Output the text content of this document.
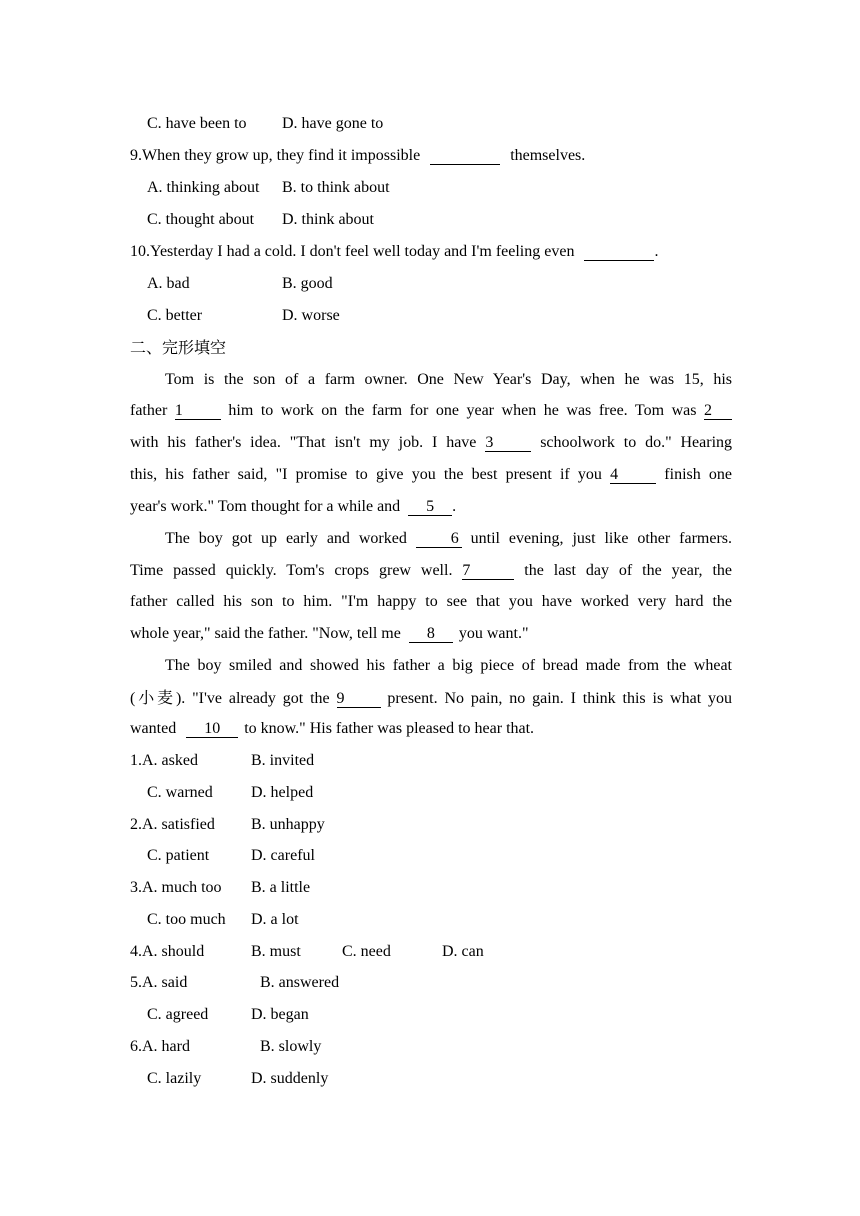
C. have been to D. have gone to
9.When they grow up, they find it impossible	themselves.
A. thinking about B. to think about
C. thought about D. think about
10.Yesterday I had a cold. I don't feel well today and I'm feeling even	.
A. bad	B. good
C. better	D. worse
二、完形填空
Tom is the son of a farm owner. One New Year's Day, when he was 15, his
father 1	him to work on the farm for one year when he was free. Tom was 2
with his father's idea. "That isn't my job. I have 3	schoolwork to do." Hearing
this, his father said, "I promise to give you the best present if you 4	finish one
year's work." Tom thought for a while and 5 .
The boy got up early and worked	6 until evening, just like other farmers.
Time passed quickly. Tom's crops grew well. 7	the last day of the year, the
father called his son to him. "I'm happy to see that you have worked very hard the
whole year," said the father. "Now, tell me 8 you want."
The boy smiled and showed his father a big piece of bread made from the wheat
(小麦). "I've already got the 9	present. No pain, no gain. I think this is what you
wanted 10 to know." His father was pleased to hear that.
1.A. asked	B. invited
C. warned D. helped
2.A. satisfied B. unhappy
C. patient	D. careful
3.A. much too B. a little
C. too much D. a lot
4.A. should	B. must	C. need	D. can
5.A. said	B. answered
C. agreed	D. began
6.A. hard	B. slowly
C. lazily	D. suddenly
